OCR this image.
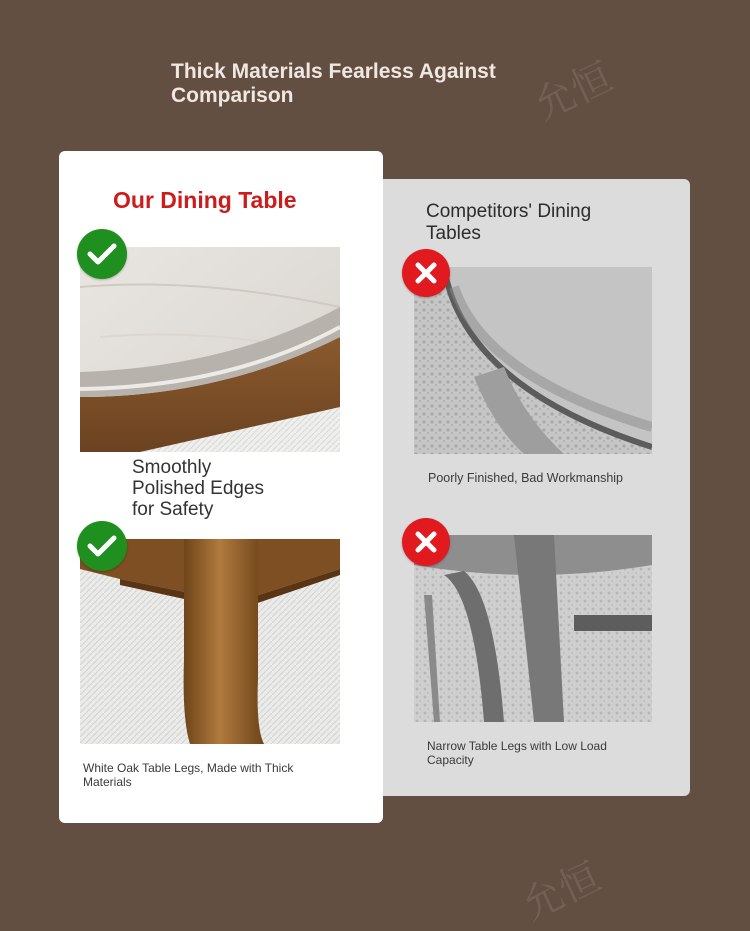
Thick Materials Fearless Against Comparison
Our Dining Table
Smoothly
Polished Edges
for Safety
White Oak Table Legs, Made with Thick Materials
Competitors' Dining Tables
Poorly Finished, Bad Workmanship
Narrow Table Legs with Low Load Capacity
允恒
允恒
